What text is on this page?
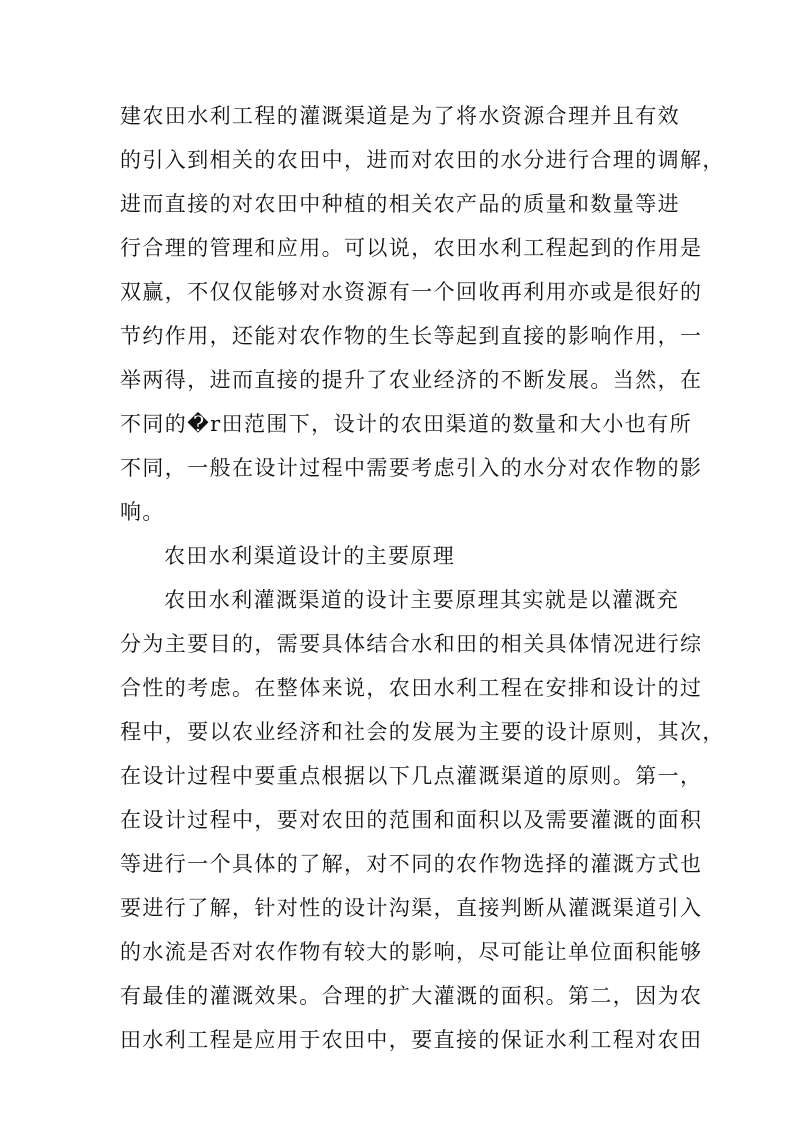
建农田水利工程的灌溉渠道是为了将水资源合理并且有效
的引入到相关的农田中，进而对农田的水分进行合理的调解，
进而直接的对农田中种植的相关农产品的质量和数量等进
行合理的管理和应用。可以说，农田水利工程起到的作用是
双赢，不仅仅能够对水资源有一个回收再利用亦或是很好的
节约作用，还能对农作物的生长等起到直接的影响作用，一
举两得，进而直接的提升了农业经济的不断发展。当然，在
不同的�r田范围下，设计的农田渠道的数量和大小也有所
不同，一般在设计过程中需要考虑引入的水分对农作物的影
响。
农田水利渠道设计的主要原理
农田水利灌溉渠道的设计主要原理其实就是以灌溉充
分为主要目的，需要具体结合水和田的相关具体情况进行综
合性的考虑。在整体来说，农田水利工程在安排和设计的过
程中，要以农业经济和社会的发展为主要的设计原则，其次，
在设计过程中要重点根据以下几点灌溉渠道的原则。第一，
在设计过程中，要对农田的范围和面积以及需要灌溉的面积
等进行一个具体的了解，对不同的农作物选择的灌溉方式也
要进行了解，针对性的设计沟渠，直接判断从灌溉渠道引入
的水流是否对农作物有较大的影响，尽可能让单位面积能够
有最佳的灌溉效果。合理的扩大灌溉的面积。第二，因为农
田水利工程是应用于农田中，要直接的保证水利工程对农田
